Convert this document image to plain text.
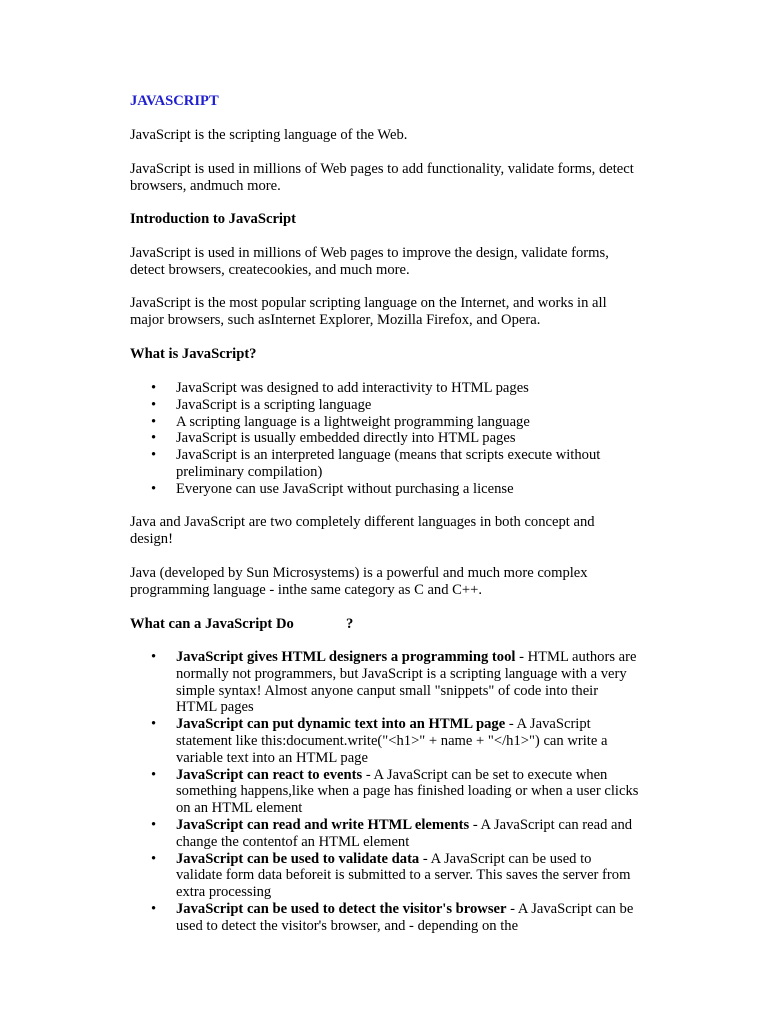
JAVASCRIPT

JavaScript is the scripting language of the Web.

JavaScript is used in millions of Web pages to add functionality, validate forms, detect browsers, andmuch more.

Introduction to JavaScript

JavaScript is used in millions of Web pages to improve the design, validate forms, detect browsers, createcookies, and much more.

JavaScript is the most popular scripting language on the Internet, and works in all major browsers, such asInternet Explorer, Mozilla Firefox, and Opera.

What is JavaScript?

• JavaScript was designed to add interactivity to HTML pages
• JavaScript is a scripting language
• A scripting language is a lightweight programming language
• JavaScript is usually embedded directly into HTML pages
• JavaScript is an interpreted language (means that scripts execute without preliminary compilation)
• Everyone can use JavaScript without purchasing a license

Java and JavaScript are two completely different languages in both concept and design!

Java (developed by Sun Microsystems) is a powerful and much more complex programming language - inthe same category as C and C++.

What can a JavaScript Do	?

• JavaScript gives HTML designers a programming tool - HTML authors are normally not programmers, but JavaScript is a scripting language with a very simple syntax! Almost anyone canput small "snippets" of code into their HTML pages
• JavaScript can put dynamic text into an HTML page - A JavaScript statement like this:document.write("<h1>" + name + "</h1>") can write a variable text into an HTML page
• JavaScript can react to events - A JavaScript can be set to execute when something happens,like when a page has finished loading or when a user clicks on an HTML element
• JavaScript can read and write HTML elements - A JavaScript can read and change the contentof an HTML element
• JavaScript can be used to validate data - A JavaScript can be used to validate form data beforeit is submitted to a server. This saves the server from extra processing
• JavaScript can be used to detect the visitor's browser - A JavaScript can be used to detect the visitor's browser, and - depending on the
